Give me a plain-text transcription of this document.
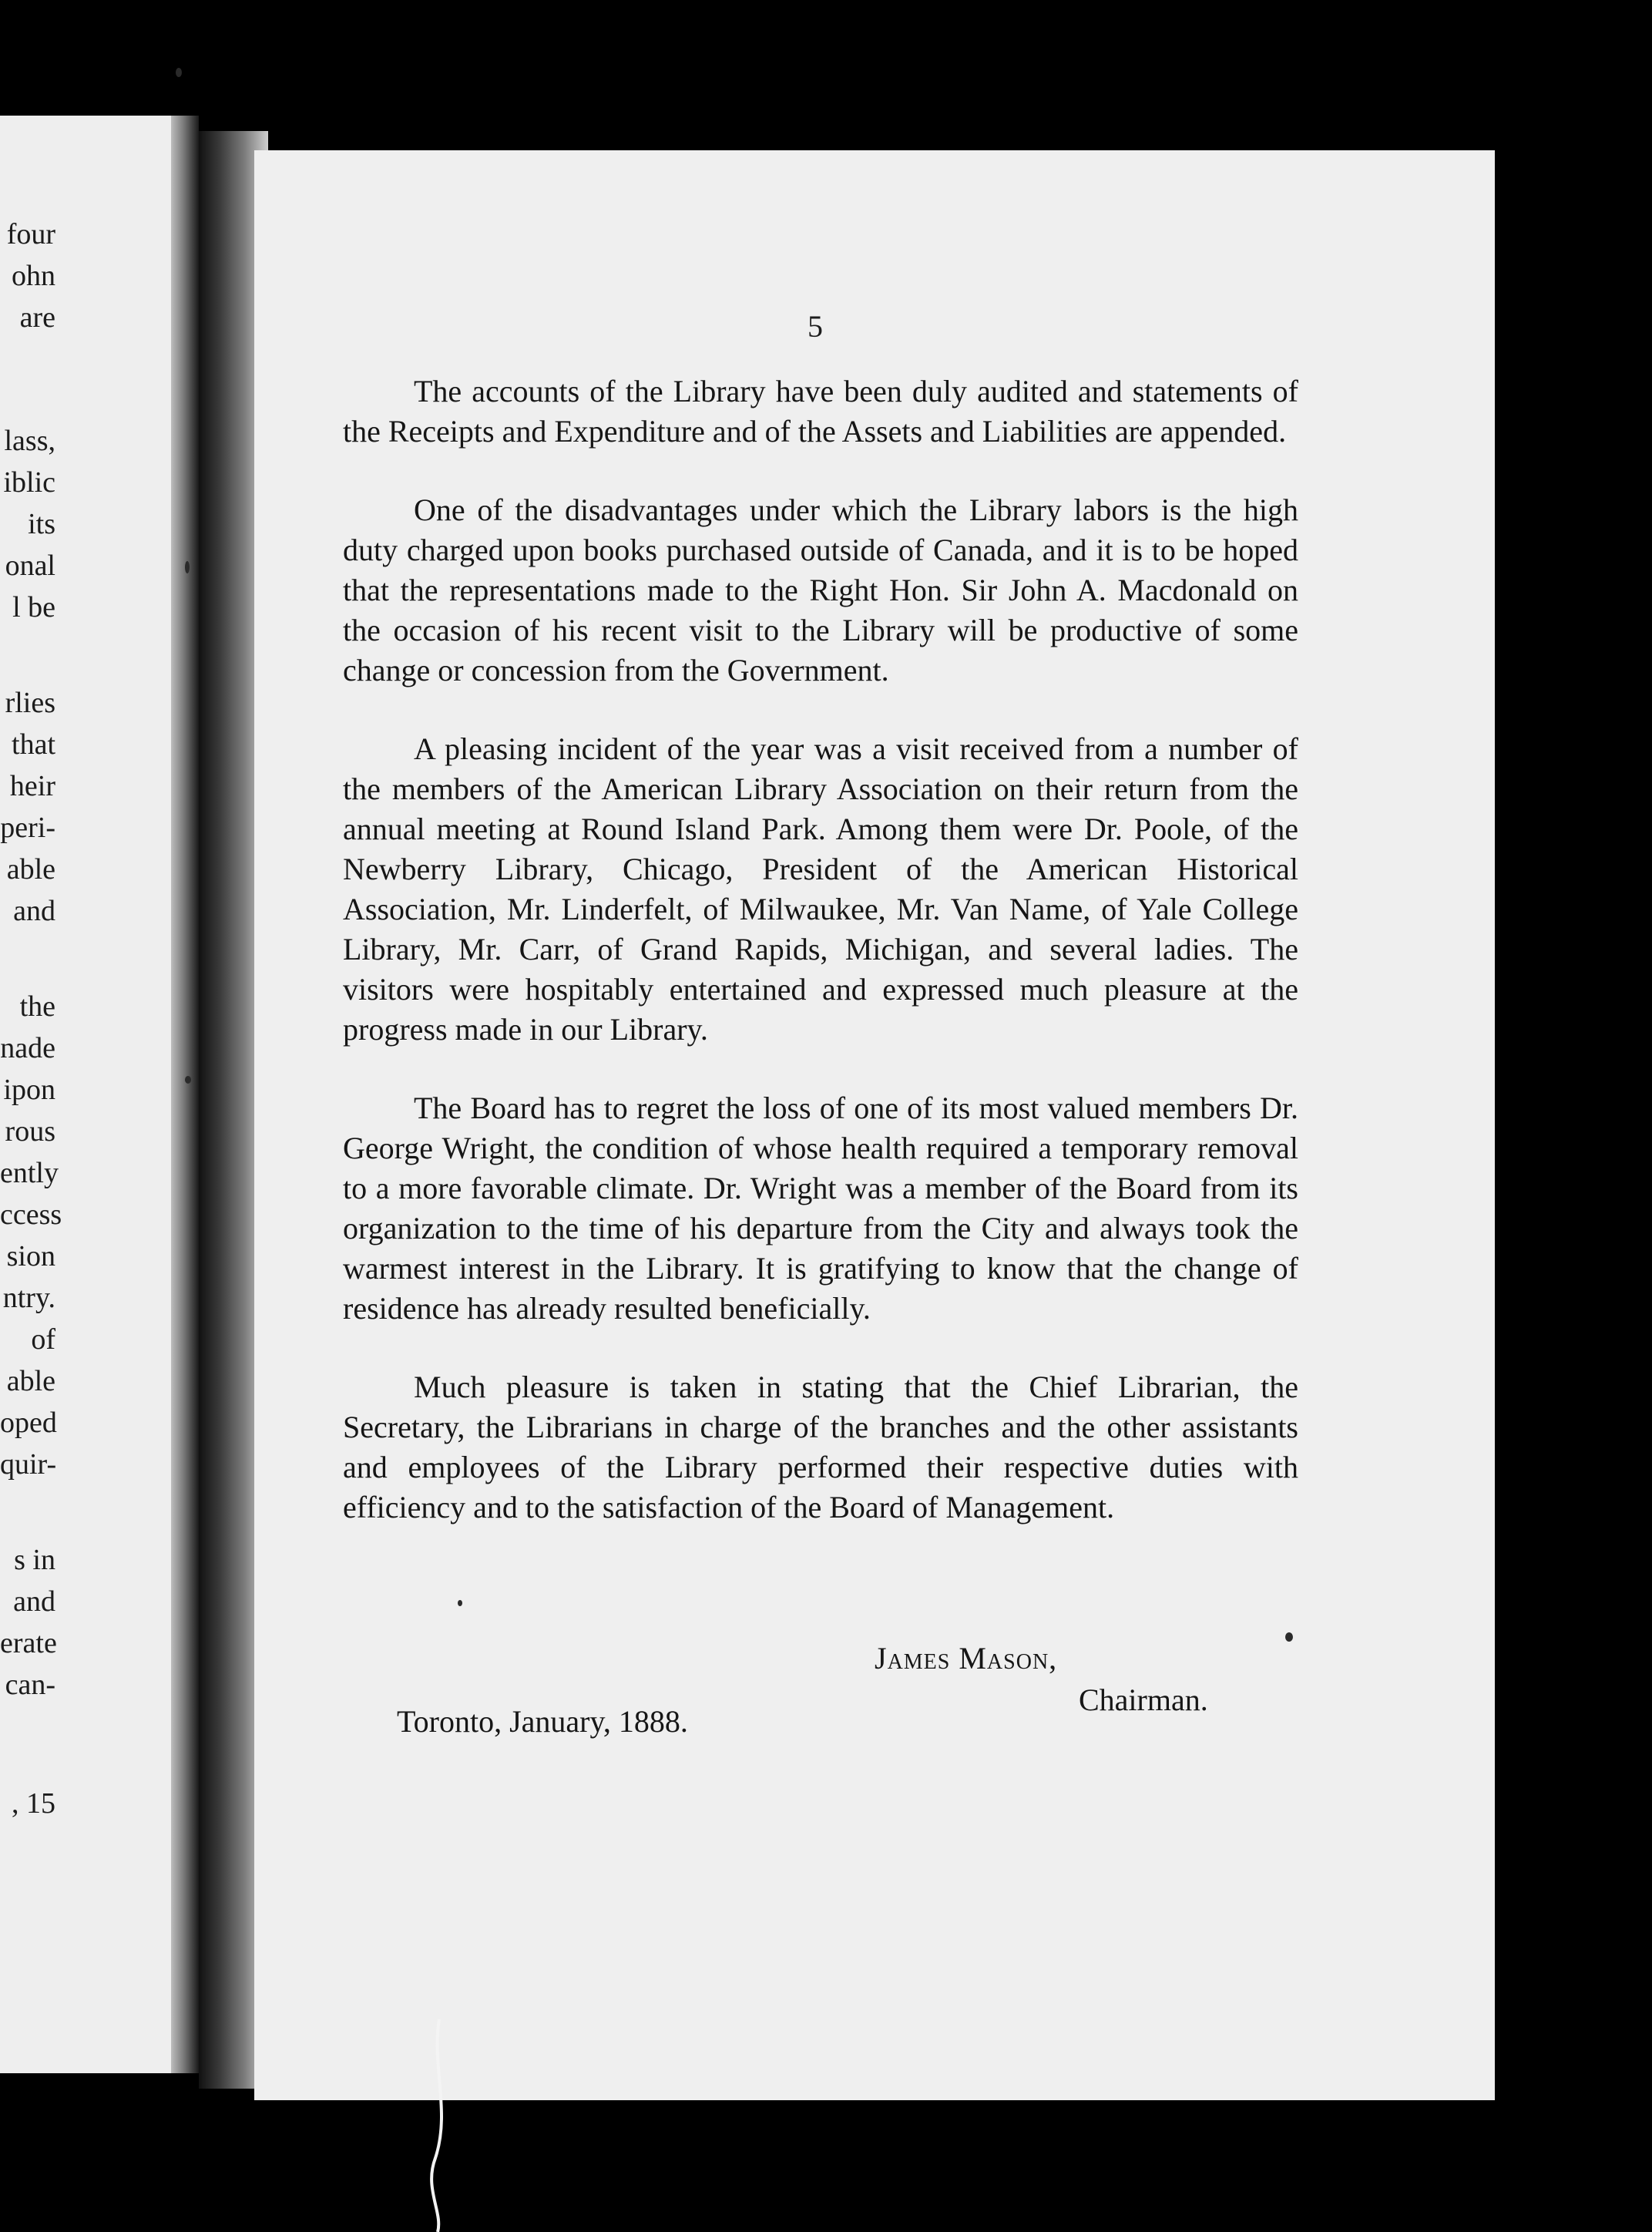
four
ohn
are
lass,
iblic
its
onal
l be
rlies
that
heir
peri-
able
and
the
nade
ipon
rous
ently
ccess
sion
ntry.
of
able
oped
quir-
s in
and
erate
can-
, 15
5

The accounts of the Library have been duly audited and statements of the Receipts and Expenditure and of the Assets and Liabilities are appended.

One of the disadvantages under which the Library labors is the high duty charged upon books purchased outside of Canada, and it is to be hoped that the representations made to the Right Hon. Sir John A. Macdonald on the occasion of his recent visit to the Library will be productive of some change or concession from the Government.

A pleasing incident of the year was a visit received from a number of the members of the American Library Association on their return from the annual meeting at Round Island Park. Among them were Dr. Poole, of the Newberry Library, Chicago, President of the American Historical Association, Mr. Linderfelt, of Milwaukee, Mr. Van Name, of Yale College Library, Mr. Carr, of Grand Rapids, Michigan, and several ladies. The visitors were hospitably entertained and expressed much pleasure at the progress made in our Library.

The Board has to regret the loss of one of its most valued members Dr. George Wright, the condition of whose health required a temporary removal to a more favorable climate. Dr. Wright was a member of the Board from its organization to the time of his departure from the City and always took the warmest interest in the Library. It is gratifying to know that the change of residence has already resulted beneficially.

Much pleasure is taken in stating that the Chief Librarian, the Secretary, the Librarians in charge of the branches and the other assistants and employees of the Library performed their respective duties with efficiency and to the satisfaction of the Board of Management.

James Mason,
Chairman.
Toronto, January, 1888.
